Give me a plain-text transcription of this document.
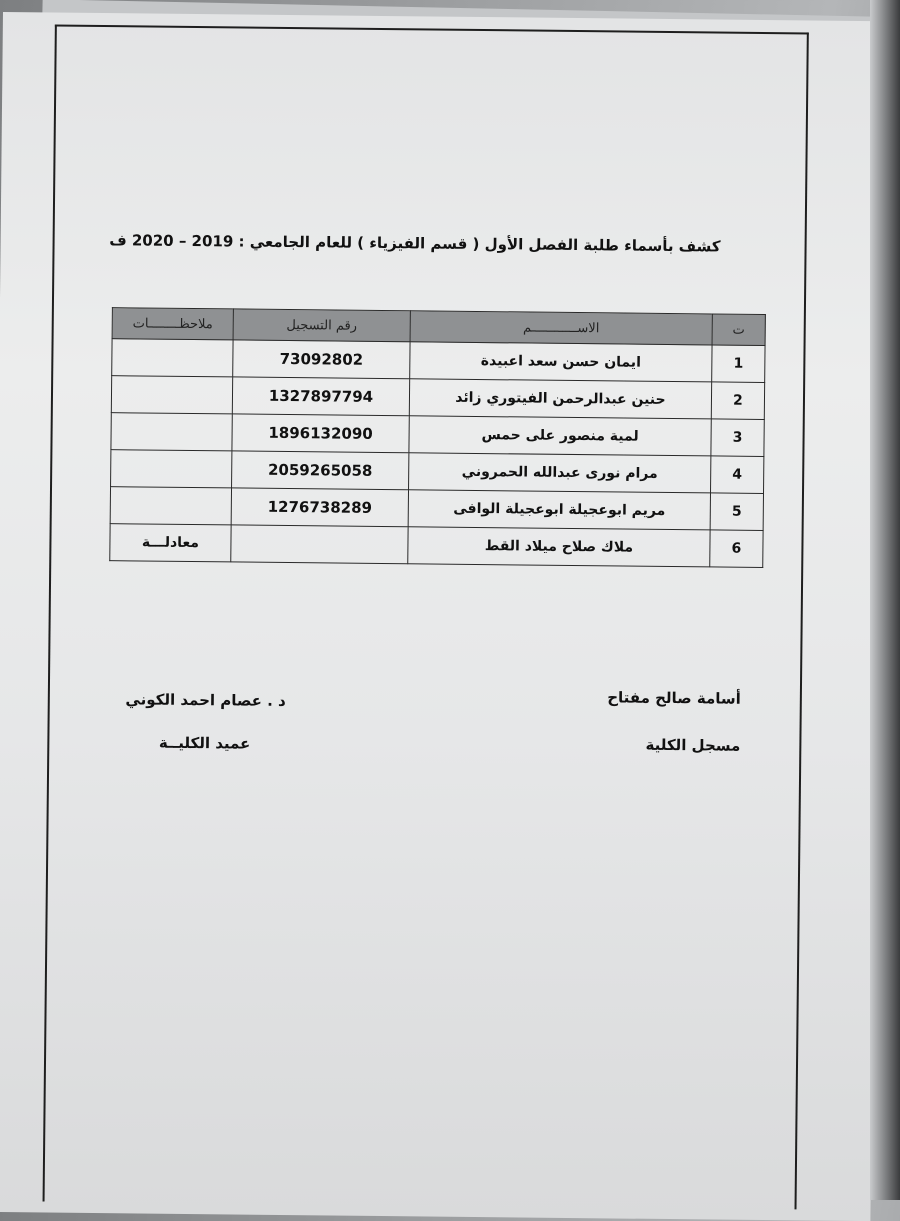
كشف بأسماء طلبة الفصل الأول ( قسم الفيزياء ) للعام الجامعي : 2019 – 2020 ف
ت	الاســــــــــــم	رقم التسجيل	ملاحظــــــــات
1	ايمان حسن سعد اعبيدة	73092802	
2	حنين عبدالرحمن الفيتوري زائد	1327897794	
3	لمية منصور على حمس	1896132090	
4	مرام نورى عبدالله الحمروني	2059265058	
5	مريم ابوعجيلة ابوعجيلة الوافى	1276738289	
6	ملاك صلاح ميلاد القط		معادلـــة
أسامة صالح مفتاح
مسجل الكلية
د . عصام احمد الكوني
عميد الكليــة
